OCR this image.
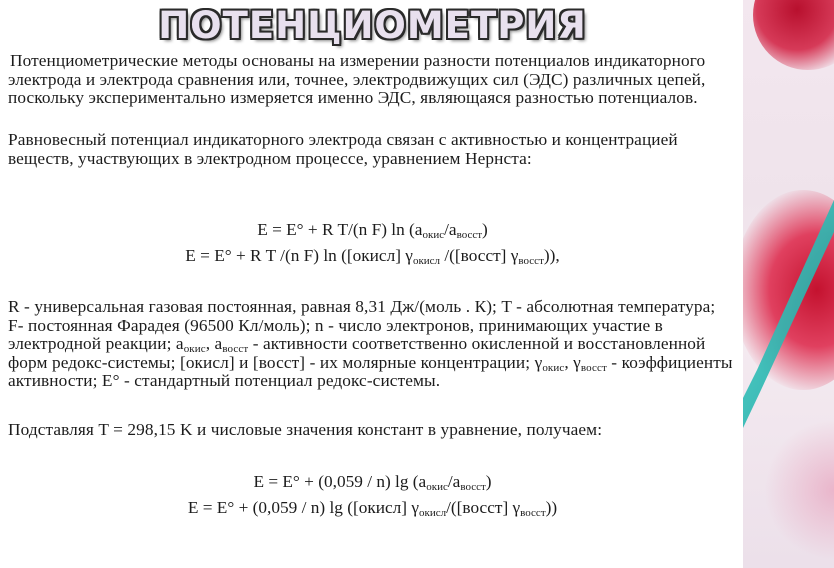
ПОТЕНЦИОМЕТРИЯ
Потенциометрические методы основаны на измерении разности потенциалов индикаторного электрода и электрода сравнения или, точнее, электродвижущих сил (ЭДС) различных цепей, поскольку экспериментально измеряется именно ЭДС, являющаяся разностью потенциалов.
Равновесный потенциал индикаторного электрода связан с активностью и концентрацией веществ, участвующих в электродном процессе, уравнением Нернста:
E = E° + R T/(n F) $\ln (a_{окис}/a_{восст})$
E = E° + R T /(n F) ln ([окисл] $\gamma_{окисл}$ /([восст] $\gamma_{восст}$)),
R - универсальная газовая постоянная, равная 8,31 Дж/(моль . К); T - абсолютная температура; F- постоянная Фарадея (96500 Кл/моль); n - число электронов, принимающих участие в электродной реакции; $a_{окис}$, $a_{восст}$ - активности соответственно окисленной и восстановленной форм редокс-системы; [окисл] и [восст] - их молярные концентрации; $\gamma_{окис}$, $\gamma_{восст}$ - коэффициенты активности; E° - стандартный потенциал редокс-системы.
Подставляя T = 298,15 K и числовые значения констант в уравнение, получаем:
E = E° + (0,059 / n) $\lg (a_{окис}/a_{восст})$
E = E° + (0,059 / n) lg ([окисл] $\gamma_{окисл}/([восст]$ $\gamma_{восст}$))
